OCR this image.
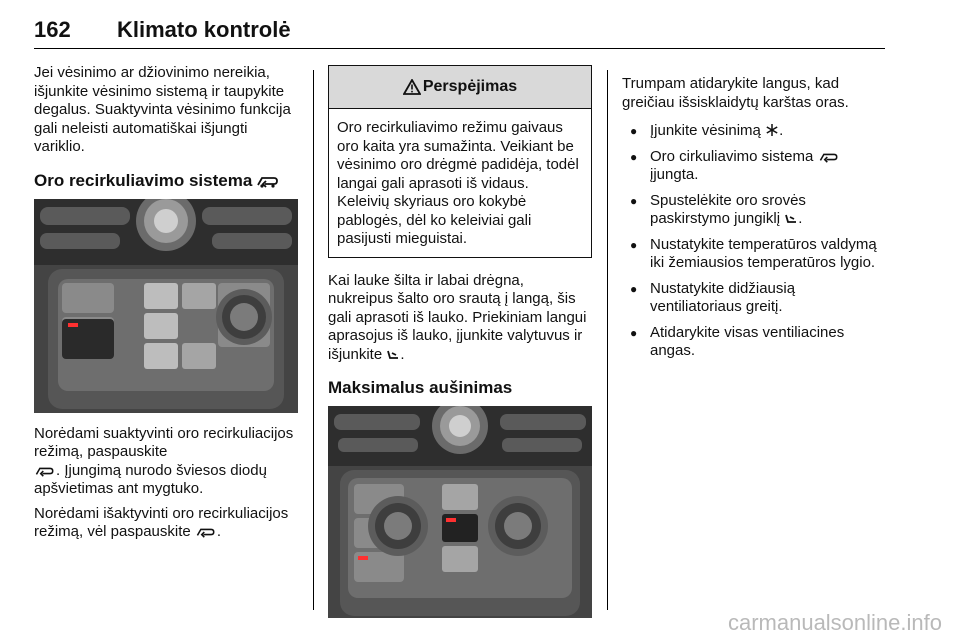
162 Klimato kontrolė

Jei vėsinimo ar džiovinimo nereikia, išjunkite vėsinimo sistemą ir taupykite degalus. Suaktyvinta vėsinimo funkcija gali neleisti automatiškai išjungti variklio.

Oro recirkuliavimo sistema

Norėdami suaktyvinti oro recirkuliacijos režimą, paspauskite
. Įjungimą nurodo šviesos diodų apšvietimas ant mygtuko.

Norėdami išaktyvinti oro recirkuliacijos režimą, vėl paspauskite .

Perspėjimas

Oro recirkuliavimo režimu gaivaus oro kaita yra sumažinta. Veikiant be vėsinimo oro drėgmė padidėja, todėl langai gali aprasoti iš vidaus. Keleivių skyriaus oro kokybė pablogės, dėl ko keleiviai gali pasijusti mieguistai.

Kai lauke šilta ir labai drėgna, nukreipus šalto oro srautą į langą, šis gali aprasoti iš lauko. Priekiniam langui aprasojus iš lauko, įjunkite valytuvus ir išjunkite .

Maksimalus aušinimas

Trumpam atidarykite langus, kad greičiau išsisklaidytų karštas oras.

● Įjunkite vėsinimą .
● Oro cirkuliavimo sistema
įjungta.
● Spustelėkite oro srovės paskirstymo jungiklį .
● Nustatykite temperatūros valdymą iki žemiausios temperatūros lygio.
● Nustatykite didžiausią ventiliatoriaus greitį.
● Atidarykite visas ventiliacines angas.
carmanualsonline.info
